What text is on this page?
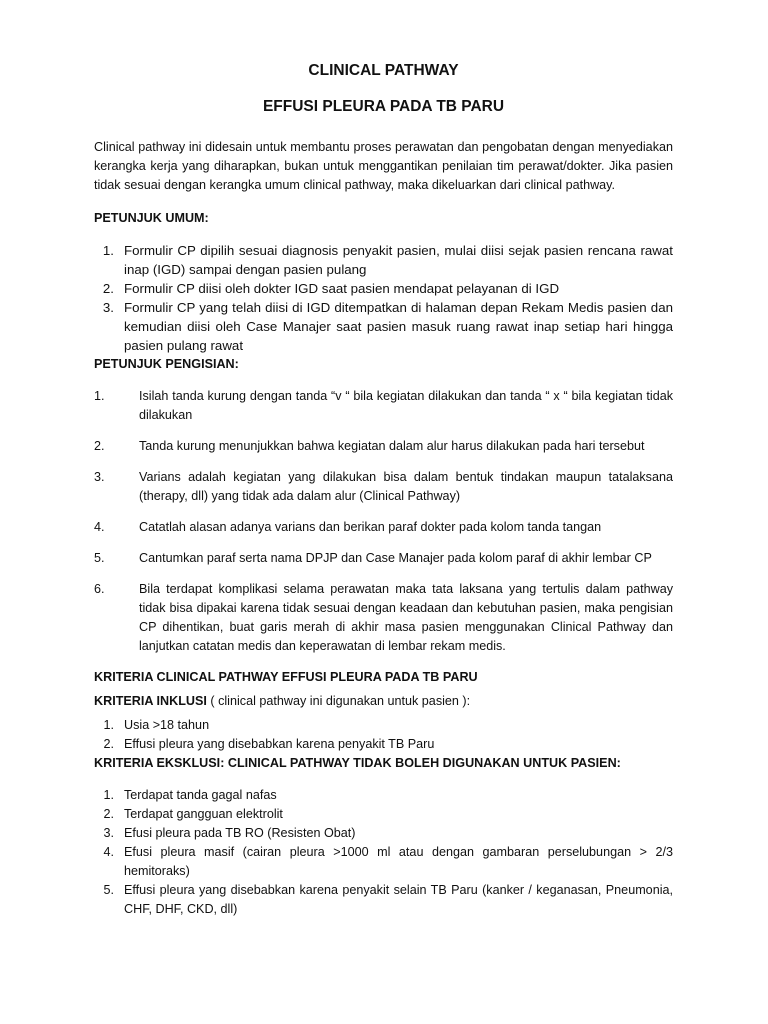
CLINICAL PATHWAY
EFFUSI PLEURA PADA TB PARU

Clinical pathway ini didesain untuk membantu proses perawatan dan pengobatan dengan menyediakan kerangka kerja yang diharapkan, bukan untuk menggantikan penilaian tim perawat/dokter. Jika pasien tidak sesuai dengan kerangka umum clinical pathway, maka dikeluarkan dari clinical pathway.

PETUNJUK UMUM:
1. Formulir CP dipilih sesuai diagnosis penyakit pasien, mulai diisi sejak pasien rencana rawat inap (IGD) sampai dengan pasien pulang
2. Formulir CP diisi oleh dokter IGD saat pasien mendapat pelayanan di IGD
3. Formulir CP yang telah diisi di IGD ditempatkan di halaman depan Rekam Medis pasien dan kemudian diisi oleh Case Manajer saat pasien masuk ruang rawat inap setiap hari hingga pasien pulang rawat
PETUNJUK PENGISIAN:
1.	Isilah tanda kurung dengan tanda “v “ bila kegiatan dilakukan dan tanda “ x “ bila kegiatan tidak dilakukan
2.	Tanda kurung menunjukkan bahwa kegiatan dalam alur harus dilakukan pada hari tersebut
3.	Varians adalah kegiatan yang dilakukan bisa dalam bentuk tindakan maupun tatalaksana (therapy, dll) yang tidak ada dalam alur (Clinical Pathway)
4.	Catatlah alasan adanya varians dan berikan paraf dokter pada kolom tanda tangan
5.	Cantumkan paraf serta nama DPJP dan Case Manajer pada kolom paraf di akhir lembar CP
6.	Bila terdapat komplikasi selama perawatan maka tata laksana yang tertulis dalam pathway tidak bisa dipakai karena tidak sesuai dengan keadaan dan kebutuhan pasien, maka pengisian CP dihentikan, buat garis merah di akhir masa pasien menggunakan Clinical Pathway dan lanjutkan catatan medis dan keperawatan di lembar rekam medis.
KRITERIA CLINICAL PATHWAY EFFUSI PLEURA PADA TB PARU
KRITERIA INKLUSI ( clinical pathway ini digunakan untuk pasien ):
1. Usia >18 tahun
2. Effusi pleura yang disebabkan karena penyakit TB Paru
KRITERIA EKSKLUSI: CLINICAL PATHWAY TIDAK BOLEH DIGUNAKAN UNTUK PASIEN:
1. Terdapat tanda gagal nafas
2. Terdapat gangguan elektrolit
3. Efusi pleura pada TB RO (Resisten Obat)
4. Efusi pleura masif (cairan pleura >1000 ml atau dengan gambaran perselubungan > 2/3 hemitoraks)
5. Effusi pleura yang disebabkan karena penyakit selain TB Paru (kanker / keganasan, Pneumonia, CHF, DHF, CKD, dll)
